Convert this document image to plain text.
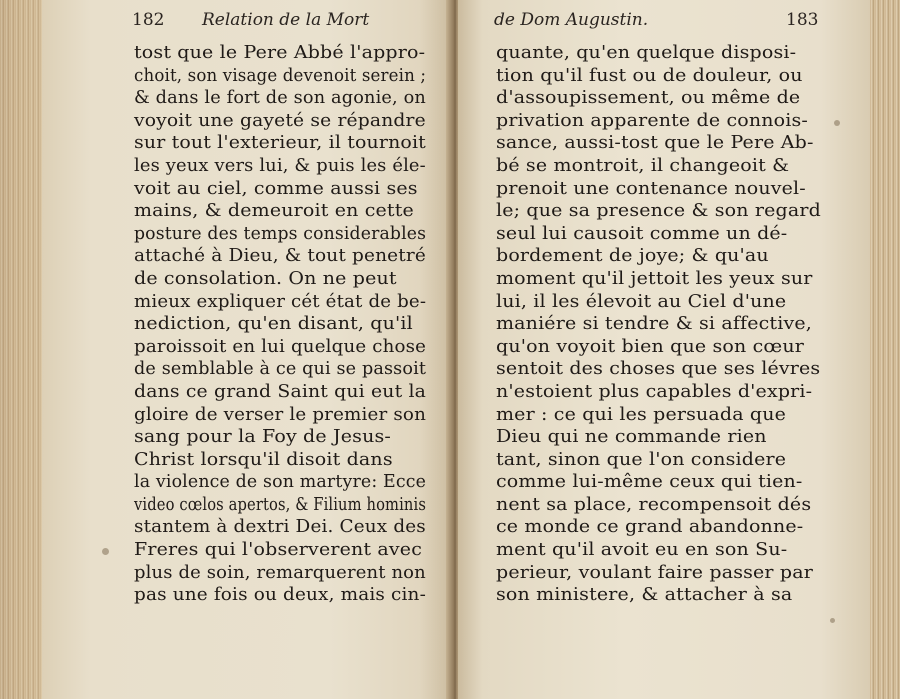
182 Relation de la Mort
tost que le Pere Abbé l'appro-
choit, son visage devenoit serein ;
& dans le fort de son agonie, on
voyoit une gayeté se répandre
sur tout l'exterieur, il tournoit
les yeux vers lui, & puis les éle-
voit au ciel, comme aussi ses
mains, & demeuroit en cette
posture des temps considerables
attaché à Dieu, & tout penetré
de consolation. On ne peut
mieux expliquer cét état de be-
nediction, qu'en disant, qu'il
paroissoit en lui quelque chose
de semblable à ce qui se passoit
dans ce grand Saint qui eut la
gloire de verser le premier son
sang pour la Foy de Jesus-
Christ lorsqu'il disoit dans
la violence de son martyre: Ecce
video cœlos apertos, & Filium hominis
stantem à dextri Dei. Ceux des
Freres qui l'observerent avec
plus de soin, remarquerent non
pas une fois ou deux, mais cin-
de Dom Augustin.	183
quante, qu'en quelque disposi-
tion qu'il fust ou de douleur, ou
d'assoupissement, ou même de
privation apparente de connois-
sance, aussi-tost que le Pere Ab-
bé se montroit, il changeoit &
prenoit une contenance nouvel-
le; que sa presence & son regard
seul lui causoit comme un dé-
bordement de joye; & qu'au
moment qu'il jettoit les yeux sur
lui, il les élevoit au Ciel d'une
maniére si tendre & si affective,
qu'on voyoit bien que son cœur
sentoit des choses que ses lévres
n'estoient plus capables d'expri-
mer : ce qui les persuada que
Dieu qui ne commande rien
tant, sinon que l'on considere
comme lui-même ceux qui tien-
nent sa place, recompensoit dés
ce monde ce grand abandonne-
ment qu'il avoit eu en son Su-
perieur, voulant faire passer par
son ministere, & attacher à sa
